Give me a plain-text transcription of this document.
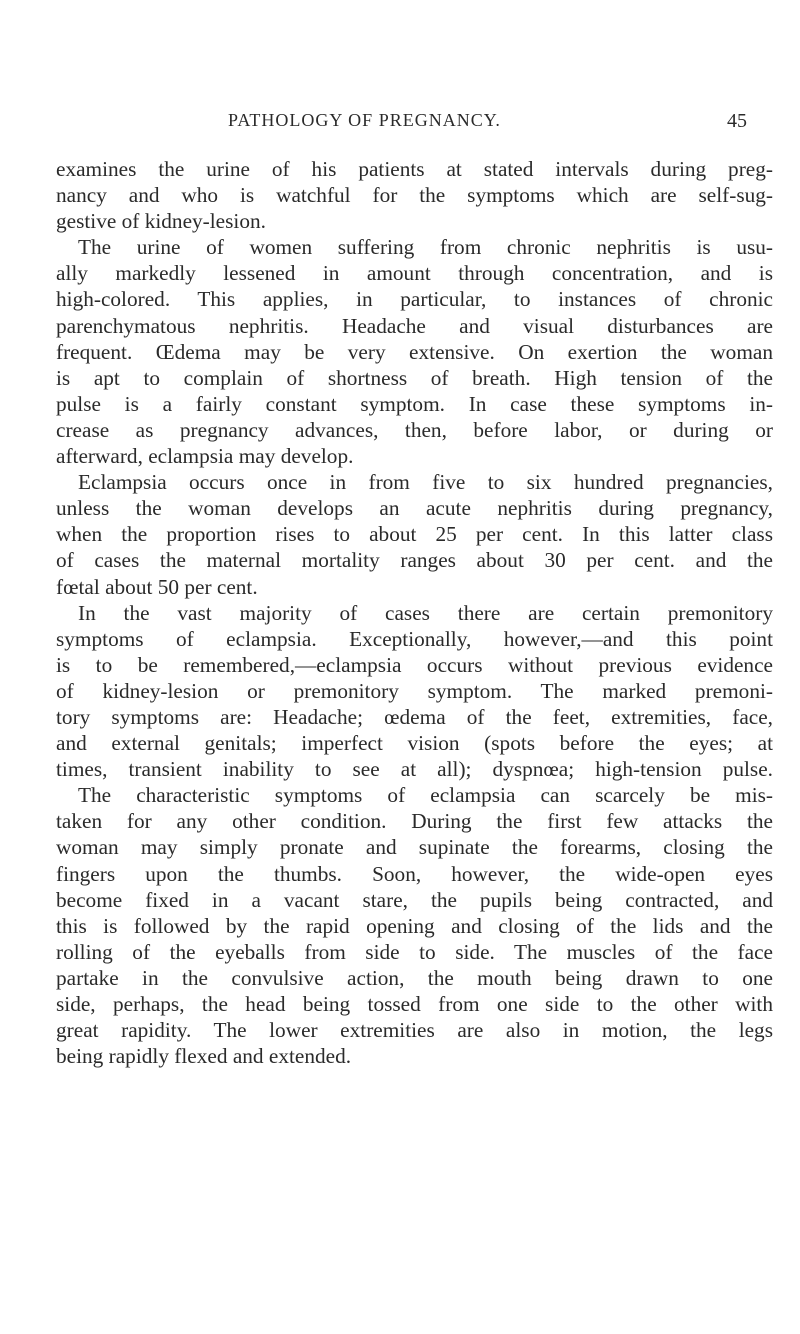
PATHOLOGY OF PREGNANCY.	45
examines the urine of his patients at stated intervals during preg-
nancy and who is watchful for the symptoms which are self-sug-
gestive of kidney-lesion.
The urine of women suffering from chronic nephritis is usu-
ally markedly lessened in amount through concentration, and is
high-colored. This applies, in particular, to instances of chronic
parenchymatous nephritis. Headache and visual disturbances are
frequent. Œdema may be very extensive. On exertion the woman
is apt to complain of shortness of breath. High tension of the
pulse is a fairly constant symptom. In case these symptoms in-
crease as pregnancy advances, then, before labor, or during or
afterward, eclampsia may develop.
Eclampsia occurs once in from five to six hundred pregnancies,
unless the woman develops an acute nephritis during pregnancy,
when the proportion rises to about 25 per cent. In this latter class
of cases the maternal mortality ranges about 30 per cent. and the
fœtal about 50 per cent.
In the vast majority of cases there are certain premonitory
symptoms of eclampsia. Exceptionally, however,—and this point
is to be remembered,—eclampsia occurs without previous evidence
of kidney-lesion or premonitory symptom. The marked premoni-
tory symptoms are: Headache; œdema of the feet, extremities, face,
and external genitals; imperfect vision (spots before the eyes; at
times, transient inability to see at all); dyspnœa; high-tension pulse.
The characteristic symptoms of eclampsia can scarcely be mis-
taken for any other condition. During the first few attacks the
woman may simply pronate and supinate the forearms, closing the
fingers upon the thumbs. Soon, however, the wide-open eyes
become fixed in a vacant stare, the pupils being contracted, and
this is followed by the rapid opening and closing of the lids and the
rolling of the eyeballs from side to side. The muscles of the face
partake in the convulsive action, the mouth being drawn to one
side, perhaps, the head being tossed from one side to the other with
great rapidity. The lower extremities are also in motion, the legs
being rapidly flexed and extended.
